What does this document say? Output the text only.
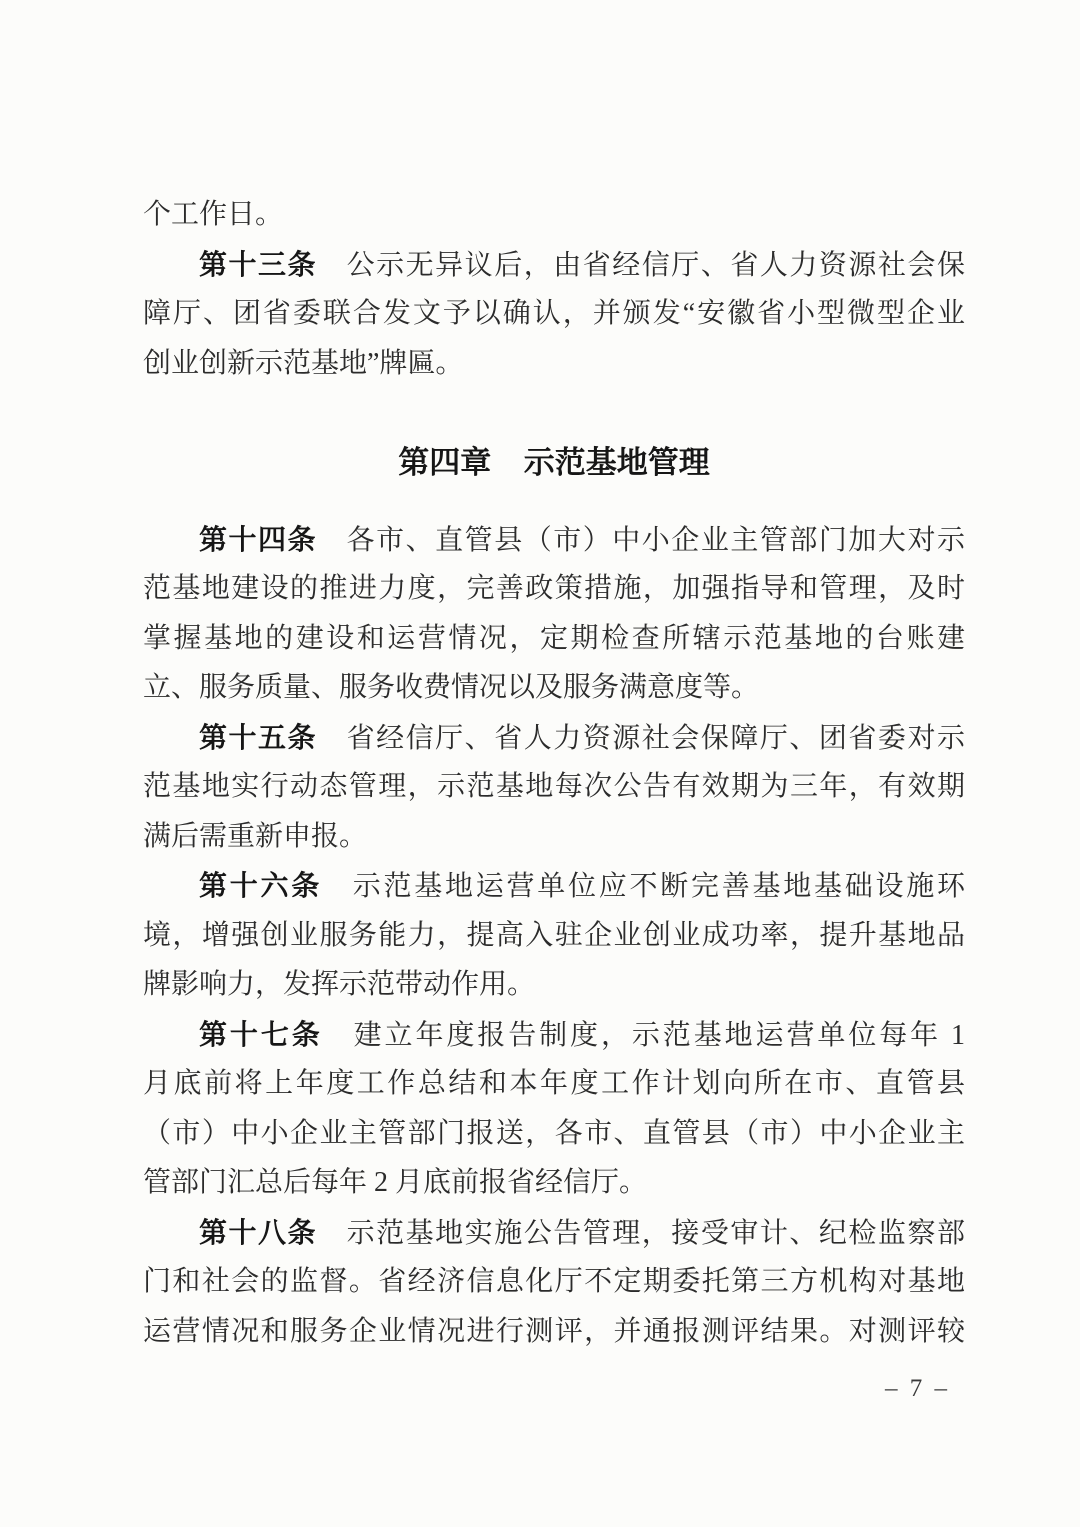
个工作日。
第十三条　公示无异议后，由省经信厅、省人力资源社会保
障厅、团省委联合发文予以确认，并颁发“安徽省小型微型企业
创业创新示范基地”牌匾。
第四章 示范基地管理
第十四条　各市、直管县（市）中小企业主管部门加大对示
范基地建设的推进力度，完善政策措施，加强指导和管理，及时
掌握基地的建设和运营情况，定期检查所辖示范基地的台账建
立、服务质量、服务收费情况以及服务满意度等。
第十五条　省经信厅、省人力资源社会保障厅、团省委对示
范基地实行动态管理，示范基地每次公告有效期为三年，有效期
满后需重新申报。
第十六条　示范基地运营单位应不断完善基地基础设施环
境，增强创业服务能力，提高入驻企业创业成功率，提升基地品
牌影响力，发挥示范带动作用。
第十七条　建立年度报告制度，示范基地运营单位每年 1
月底前将上年度工作总结和本年度工作计划向所在市、直管县
（市）中小企业主管部门报送，各市、直管县（市）中小企业主
管部门汇总后每年 2 月底前报省经信厅。
第十八条　示范基地实施公告管理，接受审计、纪检监察部
门和社会的监督。省经济信息化厅不定期委托第三方机构对基地
运营情况和服务企业情况进行测评，并通报测评结果。对测评较
– 7 –
